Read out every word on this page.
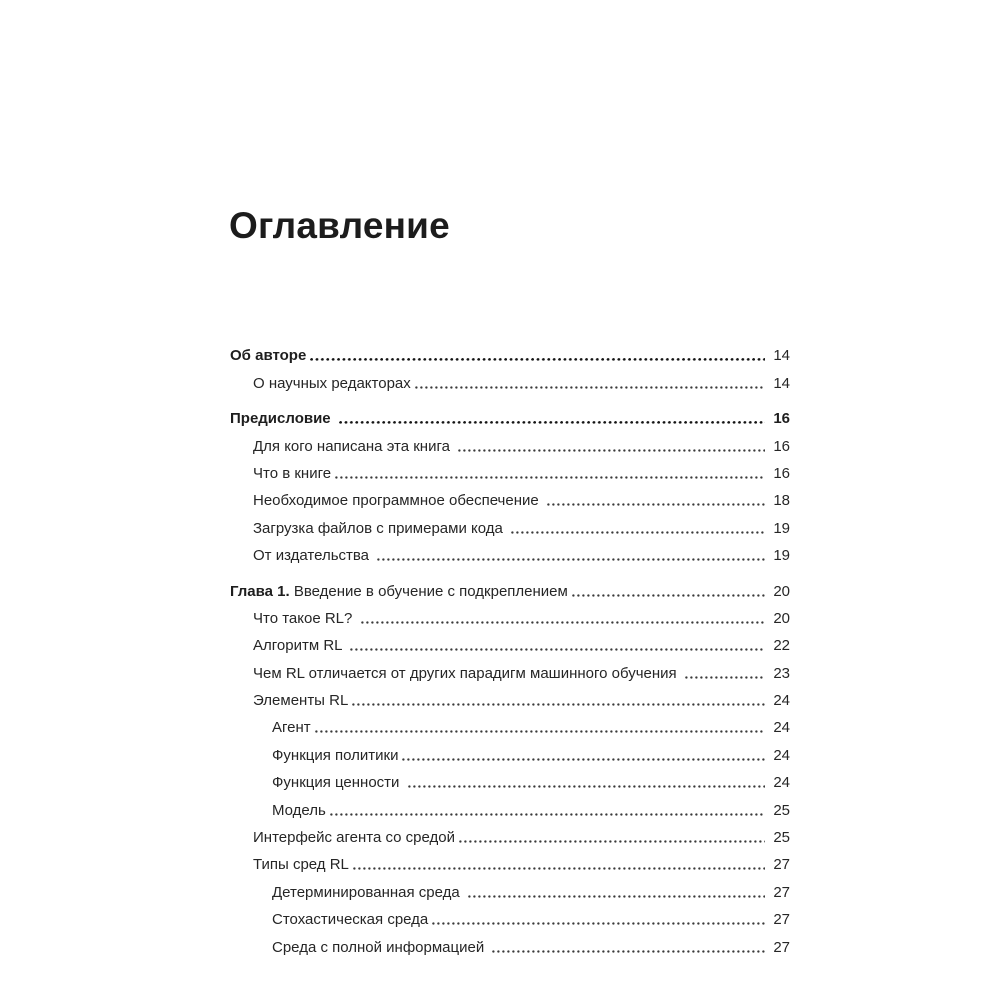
Оглавление
Об авторе	14
О научных редакторах	14
Предисловие	16
Для кого написана эта книга	16
Что в книге	16
Необходимое программное обеспечение	18
Загрузка файлов с примерами кода	19
От издательства	19
Глава 1. Введение в обучение с подкреплением	20
Что такое RL?	20
Алгоритм RL	22
Чем RL отличается от других парадигм машинного обучения	23
Элементы RL	24
Агент	24
Функция политики	24
Функция ценности	24
Модель	25
Интерфейс агента со средой	25
Типы сред RL	27
Детерминированная среда	27
Стохастическая среда	27
Среда с полной информацией	27
